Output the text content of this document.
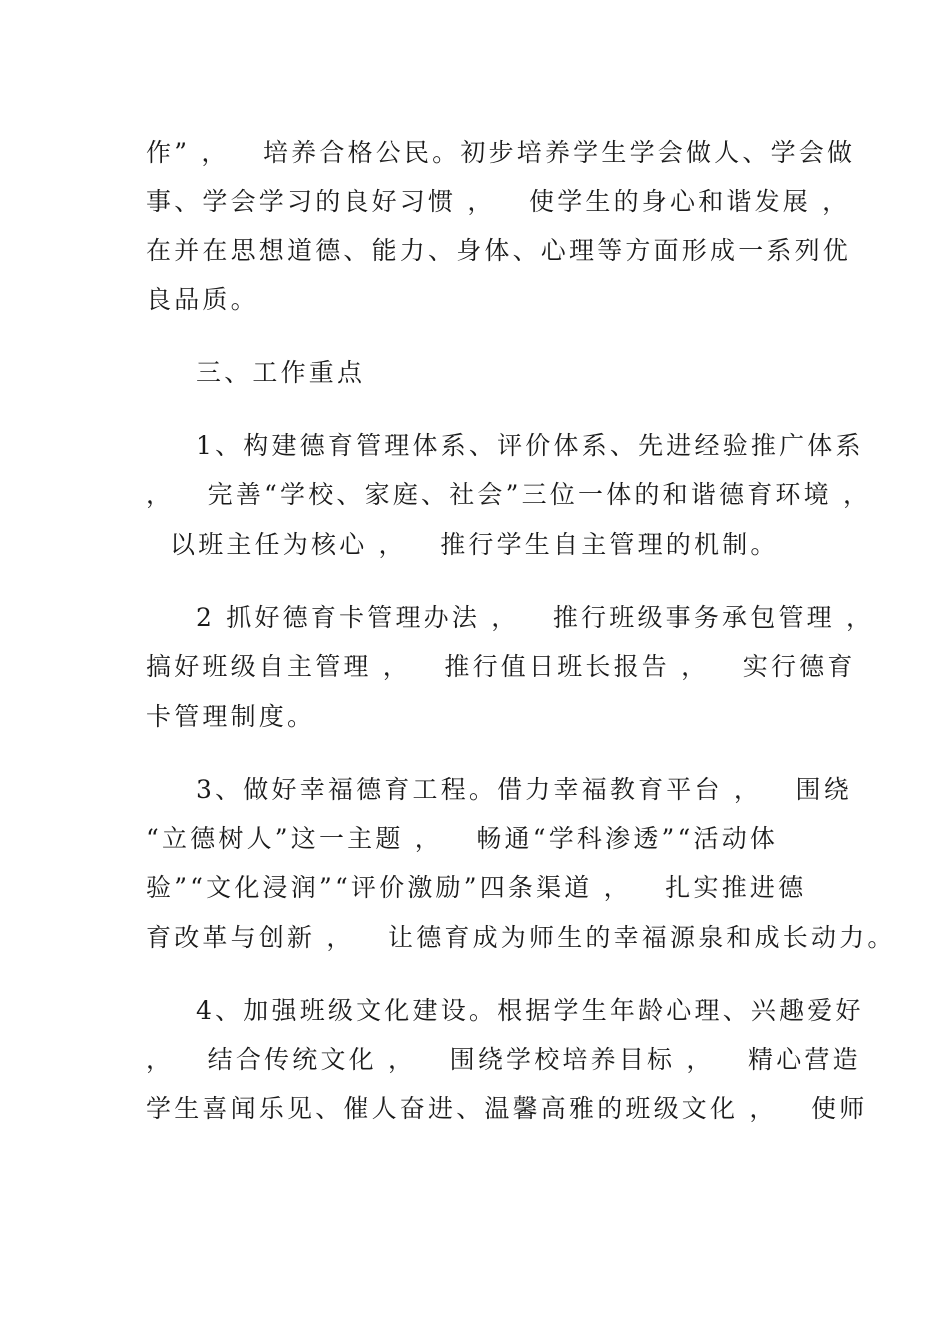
作” ，   培养合格公民。初步培养学生学会做人、学会做
事、学会学习的良好习惯 ，   使学生的身心和谐发展 ，
在并在思想道德、能力、身体、心理等方面形成一系列优
良品质。
三、工作重点
1、构建德育管理体系、评价体系、先进经验推广体系
，   完善“学校、家庭、社会”三位一体的和谐德育环境 ，
以班主任为核心 ，   推行学生自主管理的机制。
2 抓好德育卡管理办法 ，   推行班级事务承包管理 ，
搞好班级自主管理 ，   推行值日班长报告 ，   实行德育
卡管理制度。
3、做好幸福德育工程。借力幸福教育平台 ，   围绕
“立德树人”这一主题 ，   畅通“学科渗透”“活动体
验”“文化浸润”“评价激励”四条渠道 ，   扎实推进德
育改革与创新 ，   让德育成为师生的幸福源泉和成长动力。
4、加强班级文化建设。根据学生年龄心理、兴趣爱好
，   结合传统文化 ，   围绕学校培养目标 ，   精心营造
学生喜闻乐见、催人奋进、温馨高雅的班级文化 ，   使师
